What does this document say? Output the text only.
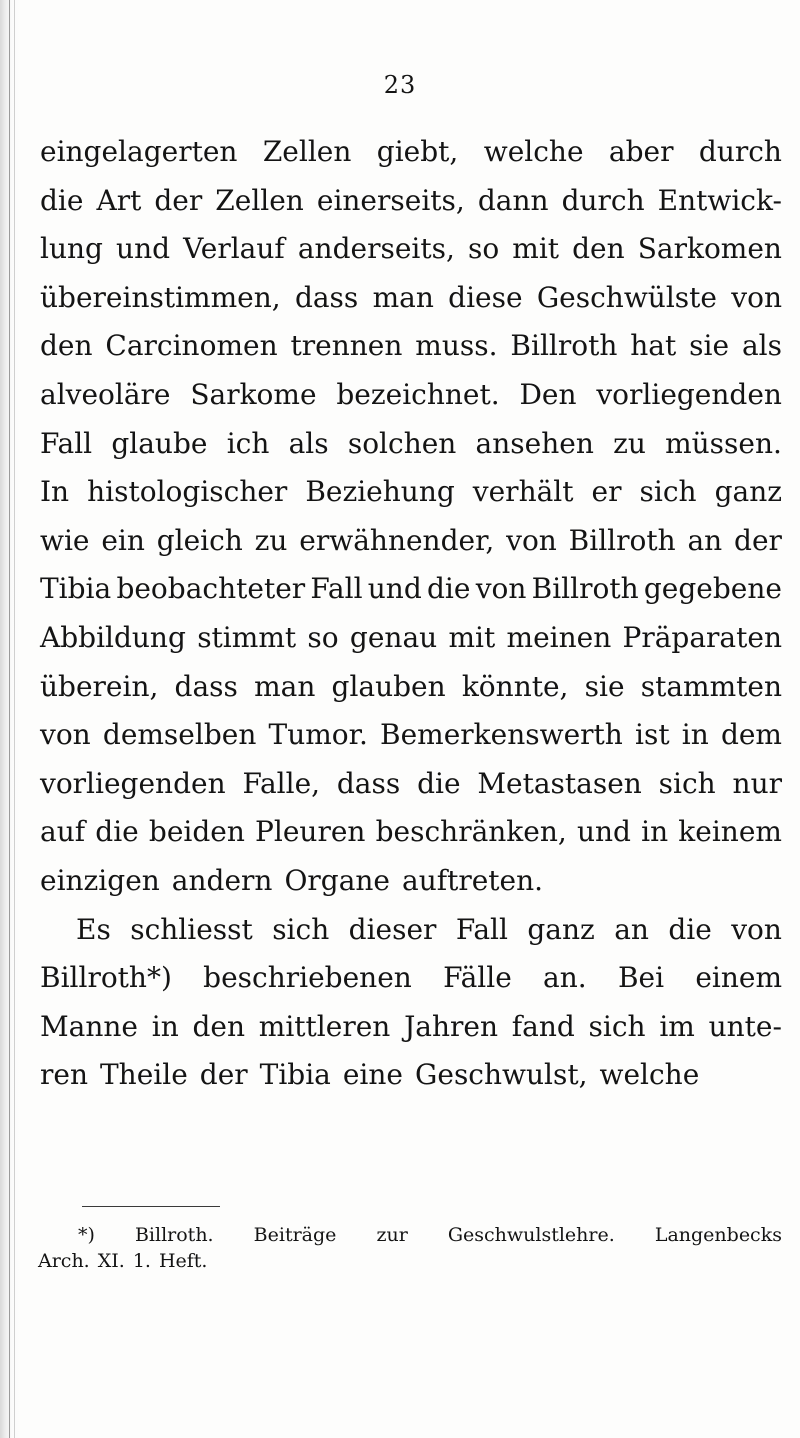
23
eingelagerten Zellen giebt, welche aber durch
die Art der Zellen einerseits, dann durch Entwick-
lung und Verlauf anderseits, so mit den Sarkomen
übereinstimmen, dass man diese Geschwülste von
den Carcinomen trennen muss. Billroth hat sie als
alveoläre Sarkome bezeichnet. Den vorliegenden
Fall glaube ich als solchen ansehen zu müssen.
In histologischer Beziehung verhält er sich ganz
wie ein gleich zu erwähnender, von Billroth an der
Tibia beobachteter Fall und die von Billroth gegebene
Abbildung stimmt so genau mit meinen Präparaten
überein, dass man glauben könnte, sie stammten
von demselben Tumor. Bemerkenswerth ist in dem
vorliegenden Falle, dass die Metastasen sich nur
auf die beiden Pleuren beschränken, und in keinem
einzigen andern Organe auftreten.
Es schliesst sich dieser Fall ganz an die von
Billroth*) beschriebenen Fälle an. Bei einem
Manne in den mittleren Jahren fand sich im unte-
ren Theile der Tibia eine Geschwulst, welche
*) Billroth. Beiträge zur Geschwulstlehre. Langenbecks
Arch. XI. 1. Heft.
